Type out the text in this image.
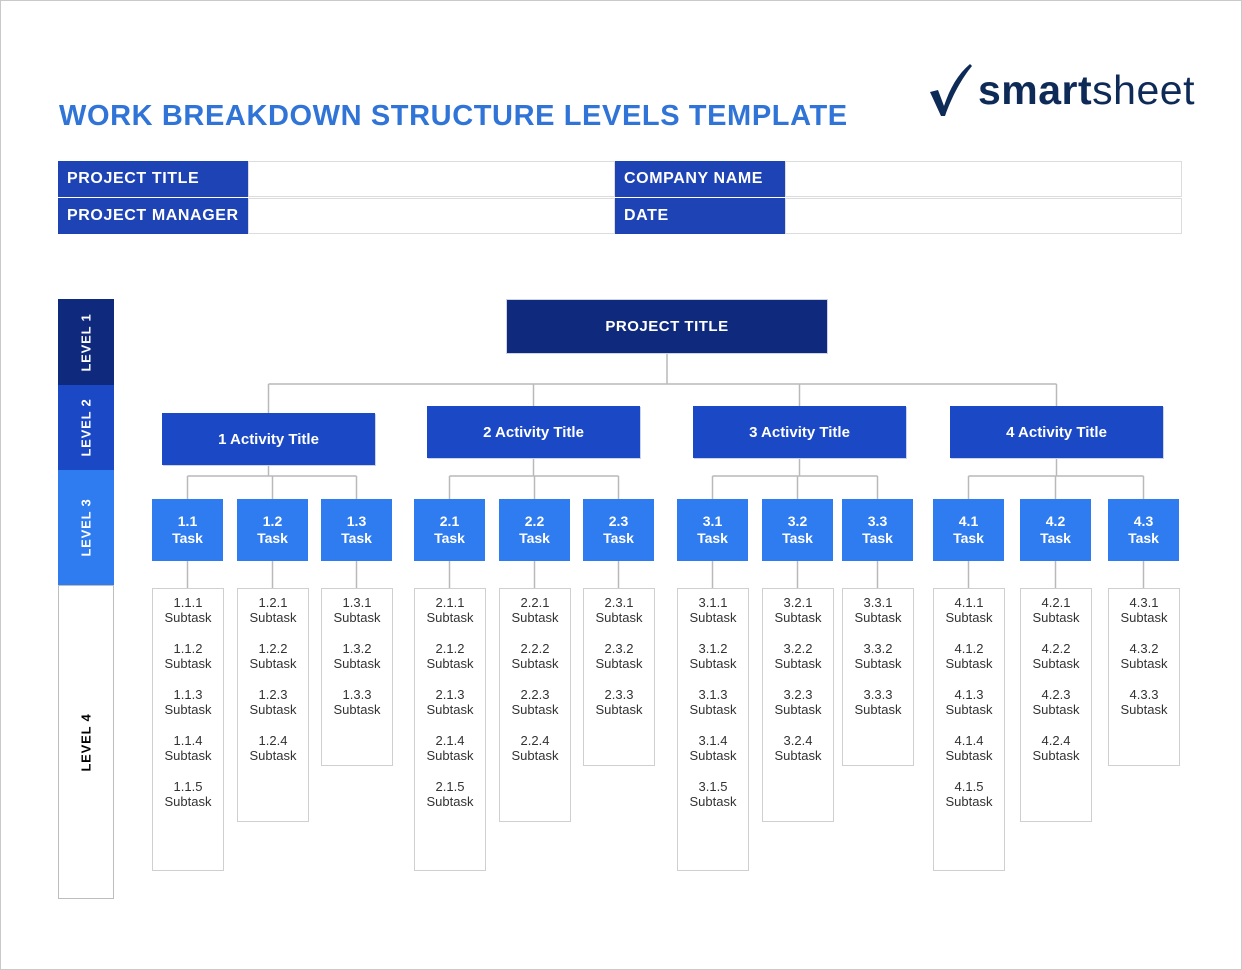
WORK BREAKDOWN STRUCTURE LEVELS TEMPLATE
smartsheet
PROJECT TITLE	COMPANY NAME
PROJECT MANAGER	DATE
LEVEL 1
LEVEL 2
LEVEL 3
LEVEL 4
PROJECT TITLE
1 Activity Title
1.1
Task
1.1.1
Subtask
1.1.2
Subtask
1.1.3
Subtask
1.1.4
Subtask
1.1.5
Subtask
1.2
Task
1.2.1
Subtask
1.2.2
Subtask
1.2.3
Subtask
1.2.4
Subtask
1.3
Task
1.3.1
Subtask
1.3.2
Subtask
1.3.3
Subtask
2 Activity Title
2.1
Task
2.1.1
Subtask
2.1.2
Subtask
2.1.3
Subtask
2.1.4
Subtask
2.1.5
Subtask
2.2
Task
2.2.1
Subtask
2.2.2
Subtask
2.2.3
Subtask
2.2.4
Subtask
2.3
Task
2.3.1
Subtask
2.3.2
Subtask
2.3.3
Subtask
3 Activity Title
3.1
Task
3.1.1
Subtask
3.1.2
Subtask
3.1.3
Subtask
3.1.4
Subtask
3.1.5
Subtask
3.2
Task
3.2.1
Subtask
3.2.2
Subtask
3.2.3
Subtask
3.2.4
Subtask
3.3
Task
3.3.1
Subtask
3.3.2
Subtask
3.3.3
Subtask
4 Activity Title
4.1
Task
4.1.1
Subtask
4.1.2
Subtask
4.1.3
Subtask
4.1.4
Subtask
4.1.5
Subtask
4.2
Task
4.2.1
Subtask
4.2.2
Subtask
4.2.3
Subtask
4.2.4
Subtask
4.3
Task
4.3.1
Subtask
4.3.2
Subtask
4.3.3
Subtask
